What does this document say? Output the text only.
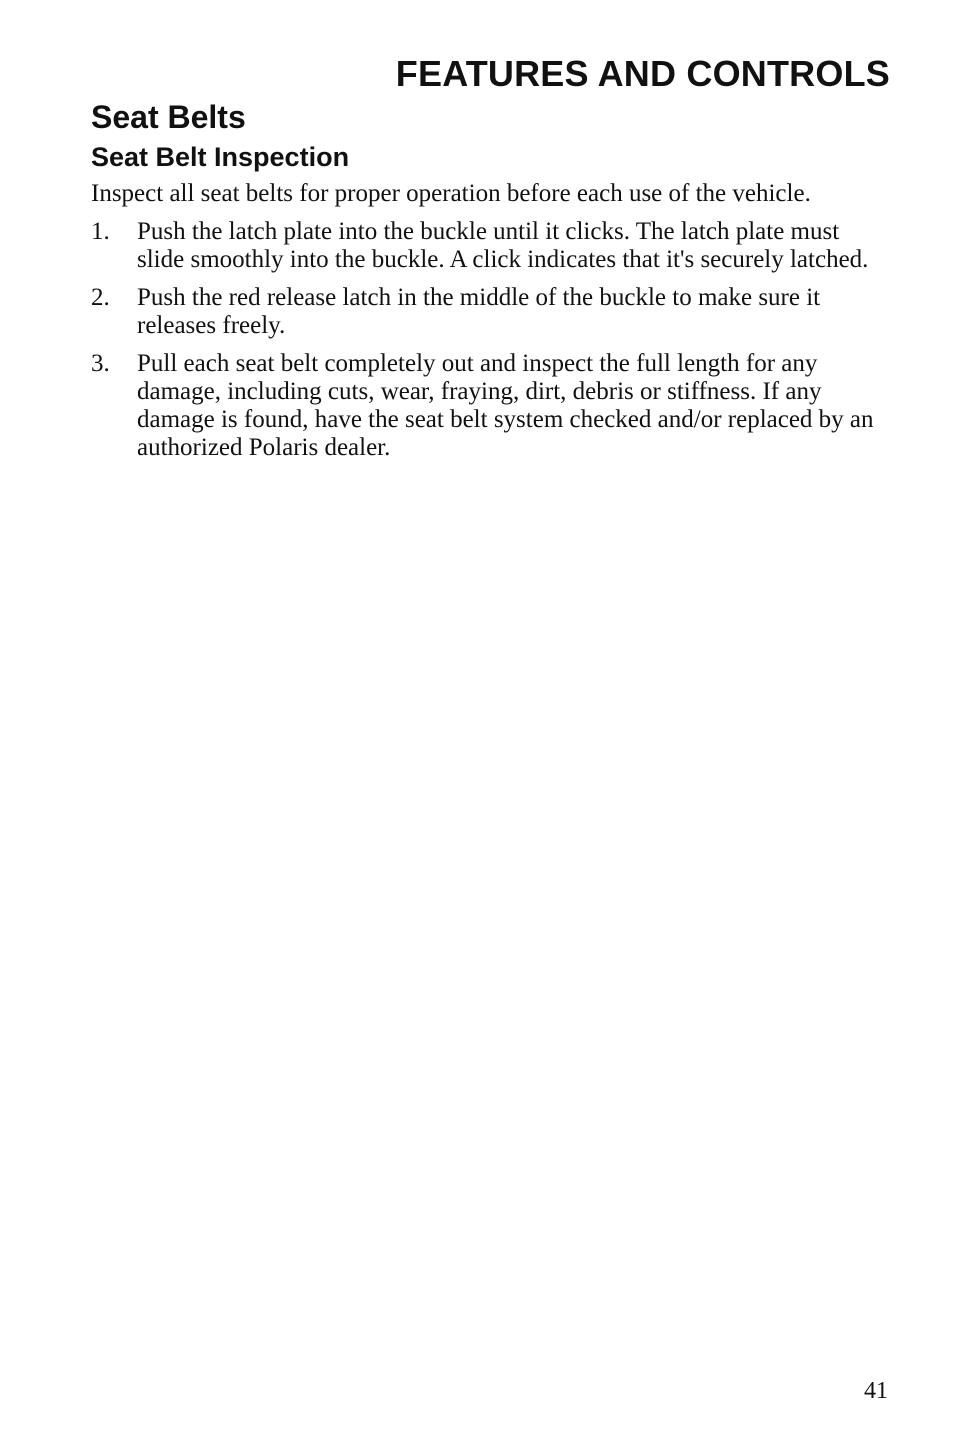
FEATURES AND CONTROLS
Seat Belts
Seat Belt Inspection

Inspect all seat belts for proper operation before each use of the vehicle.

1.	Push the latch plate into the buckle until it clicks. The latch plate must slide smoothly into the buckle. A click indicates that it's securely latched.
2.	Push the red release latch in the middle of the buckle to make sure it releases freely.
3.	Pull each seat belt completely out and inspect the full length for any damage, including cuts, wear, fraying, dirt, debris or stiffness. If any damage is found, have the seat belt system checked and/or replaced by an authorized Polaris dealer.

41
